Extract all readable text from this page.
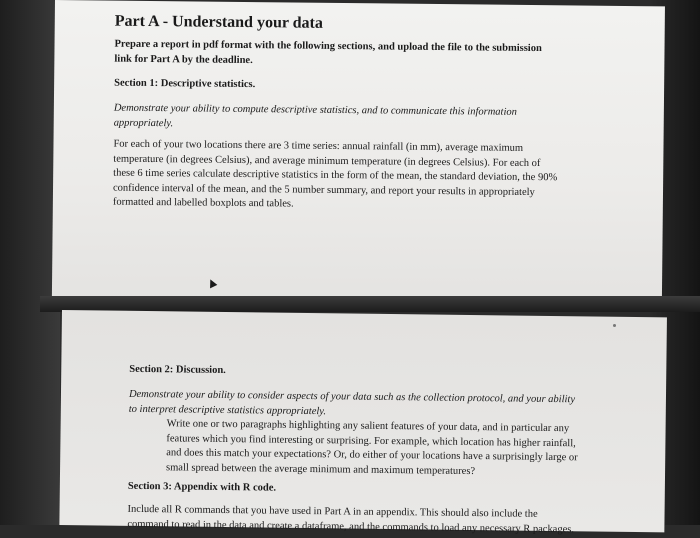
Part A - Understand your data

Prepare a report in pdf format with the following sections, and upload the file to the submission

link for Part A by the deadline.

Section 1: Descriptive statistics.

Demonstrate your ability to compute descriptive statistics, and to communicate this information

appropriately.

For each of your two locations there are 3 time series: annual rainfall (in mm), average maximum

temperature (in degrees Celsius), and average minimum temperature (in degrees Celsius). For each of

these 6 time series calculate descriptive statistics in the form of the mean, the standard deviation, the 90%

confidence interval of the mean, and the 5 number summary, and report your results in appropriately

formatted and labelled boxplots and tables.

Section 2: Discussion.

Demonstrate your ability to consider aspects of your data such as the collection protocol, and your ability

to interpret descriptive statistics appropriately.

Write one or two paragraphs highlighting any salient features of your data, and in particular any

features which you find interesting or surprising. For example, which location has higher rainfall,

and does this match your expectations? Or, do either of your locations have a surprisingly large or

small spread between the average minimum and maximum temperatures?

Section 3: Appendix with R code.

Include all R commands that you have used in Part A in an appendix. This should also include the

command to read in the data and create a dataframe, and the commands to load any necessary R packages.
